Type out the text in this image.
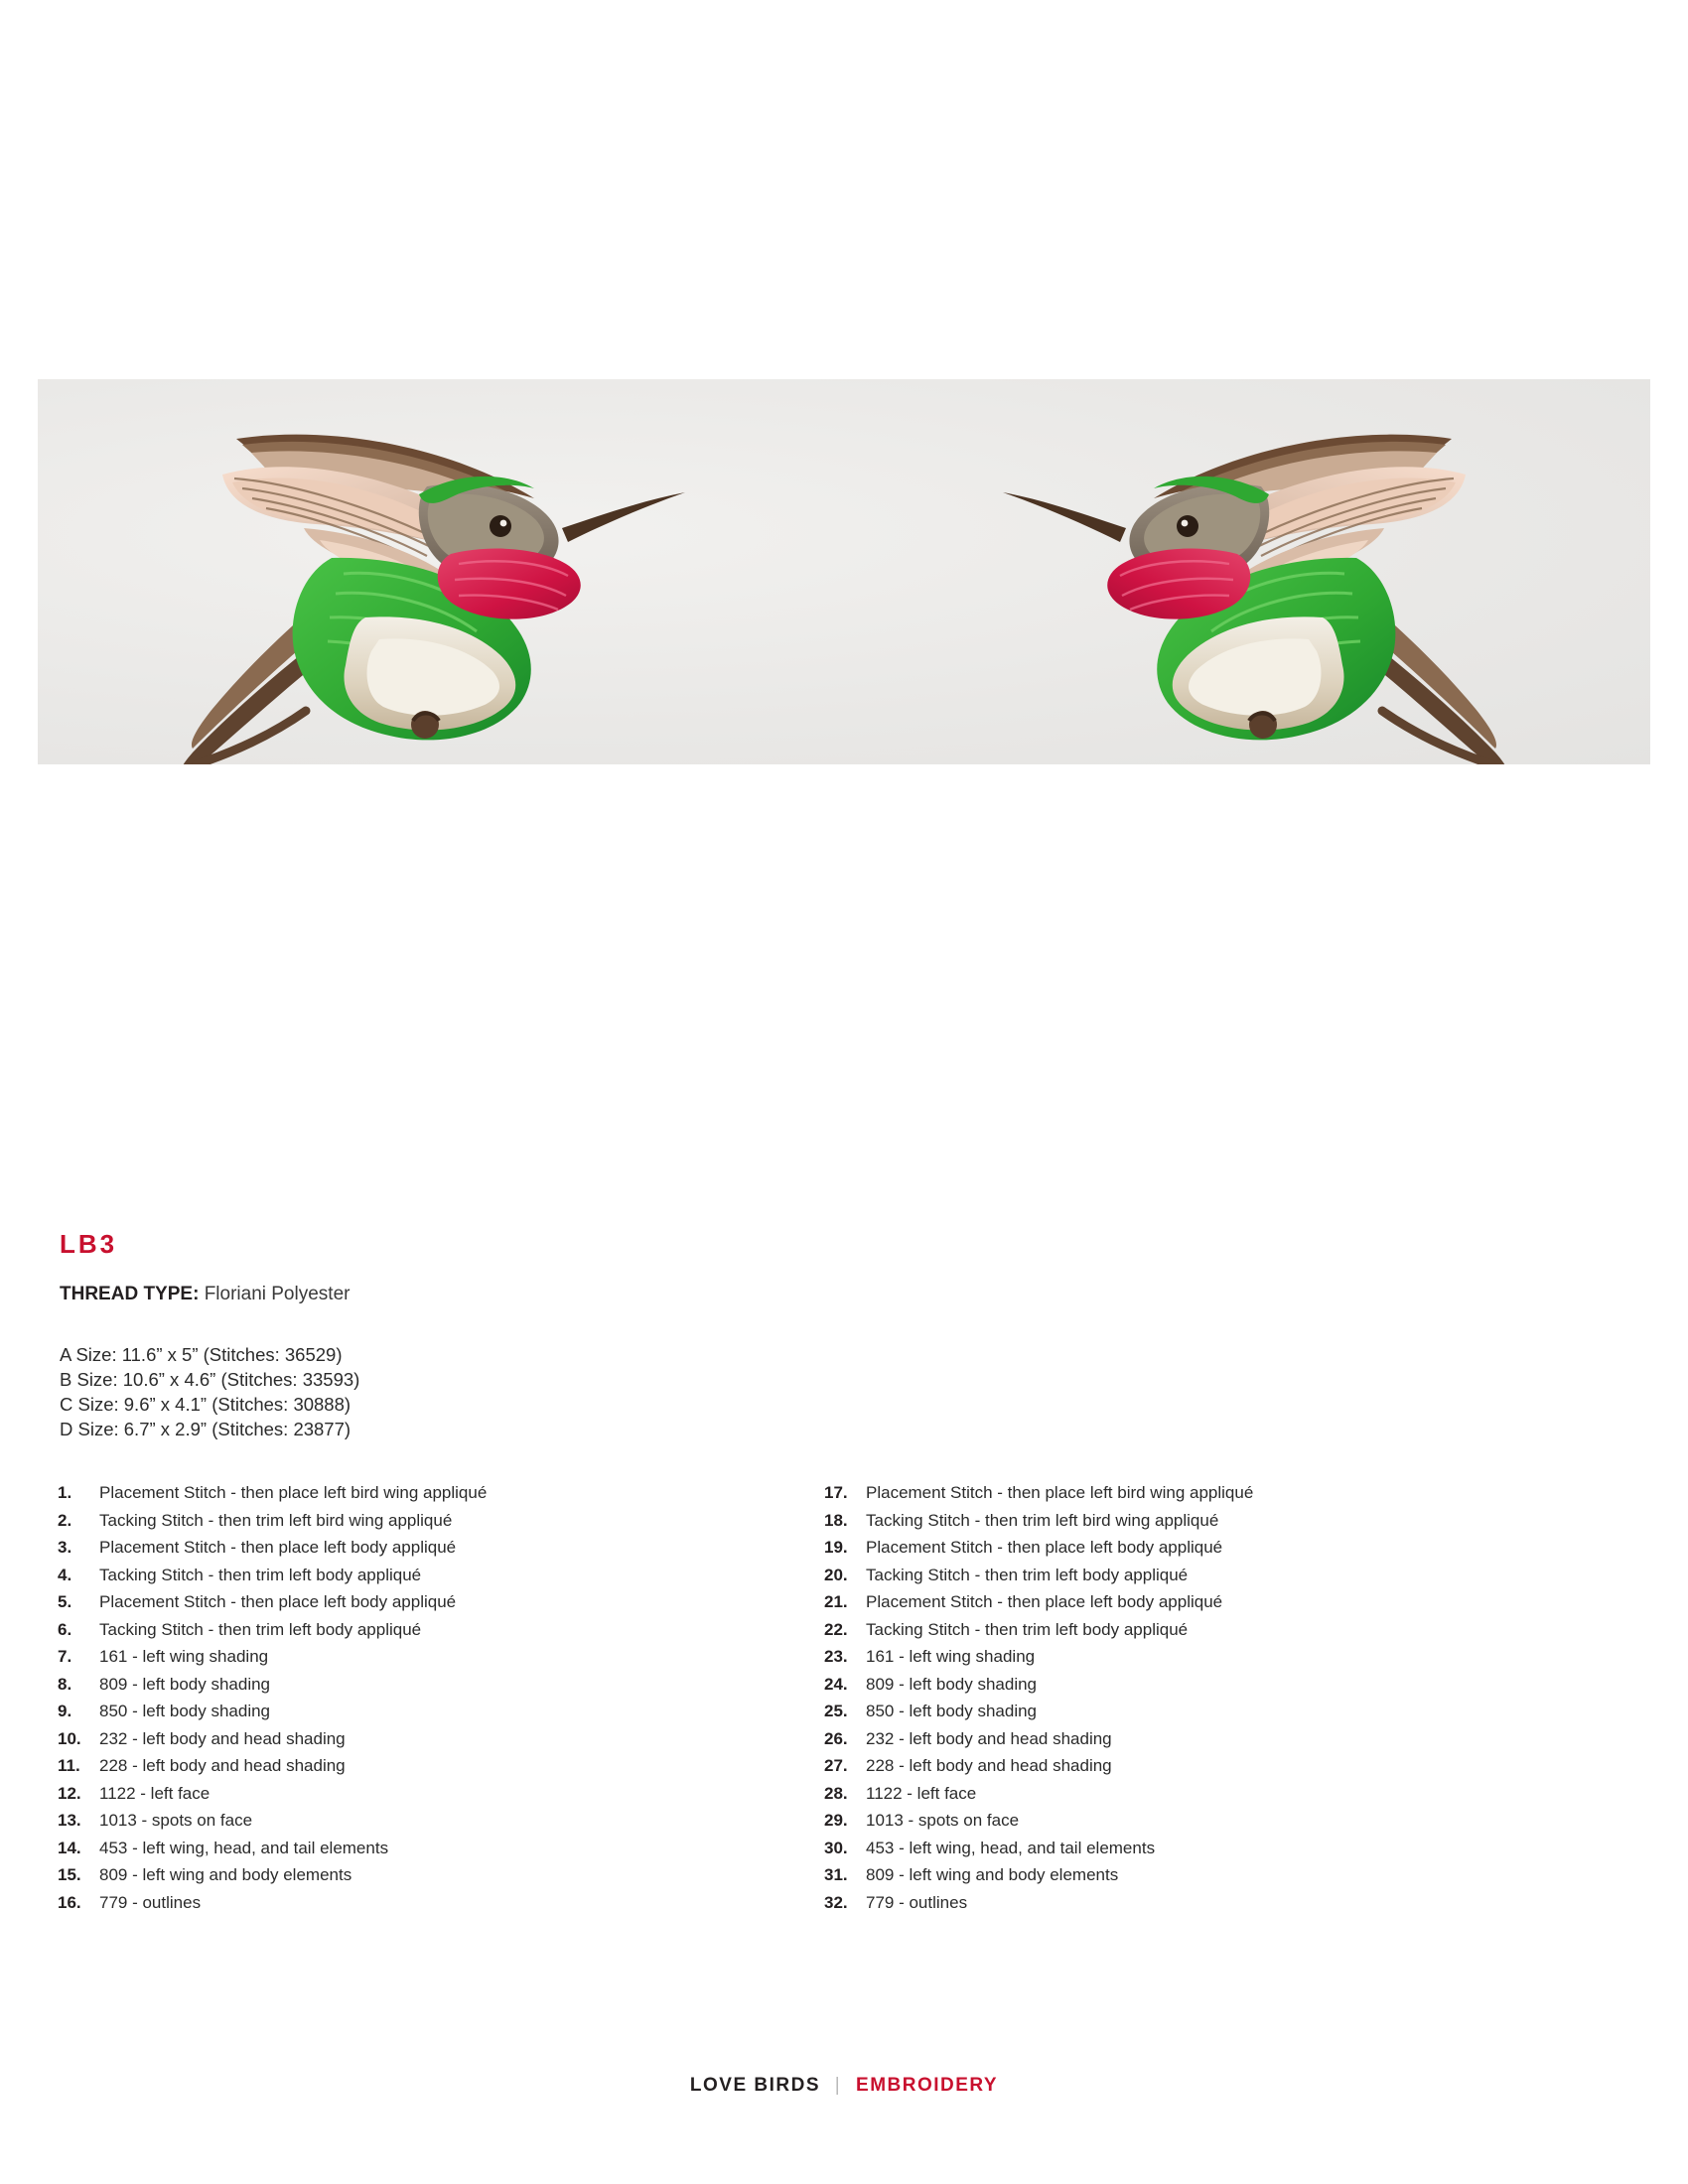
LB3
THREAD TYPE: Floriani Polyester
A Size: 11.6” x 5” (Stitches: 36529)
B Size: 10.6” x 4.6” (Stitches: 33593)
C Size: 9.6” x 4.1” (Stitches: 30888)
D Size: 6.7” x 2.9” (Stitches: 23877)
1.	Placement Stitch - then place left bird wing appliqué
2.	Tacking Stitch - then trim left bird wing appliqué
3.	Placement Stitch - then place left body appliqué
4.	Tacking Stitch - then trim left body appliqué
5.	Placement Stitch - then place left body appliqué
6.	Tacking Stitch - then trim left body appliqué
7.	161 - left wing shading
8.	809 - left body shading
9.	850 - left body shading
10.	232 - left body and head shading
11.	228 - left body and head shading
12.	1122 - left face
13.	1013 - spots on face
14.	453 - left wing, head, and tail elements
15.	809 - left wing and body elements
16.	779 - outlines
17.	Placement Stitch - then place left bird wing appliqué
18.	Tacking Stitch - then trim left bird wing appliqué
19.	Placement Stitch - then place left body appliqué
20.	Tacking Stitch - then trim left body appliqué
21.	Placement Stitch - then place left body appliqué
22.	Tacking Stitch - then trim left body appliqué
23.	161 - left wing shading
24.	809 - left body shading
25.	850 - left body shading
26.	232 - left body and head shading
27.	228 - left body and head shading
28.	1122 - left face
29.	1013 - spots on face
30.	453 - left wing, head, and tail elements
31.	809 - left wing and body elements
32.	779 - outlines
LOVE BIRDS | EMBROIDERY
